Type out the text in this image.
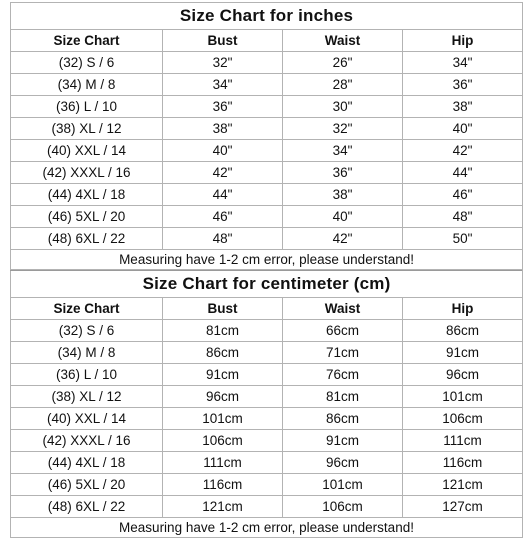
Size Chart for inches			
Size Chart	Bust	Waist	Hip
(32) S / 6	32"	26"	34"
(34) M / 8	34"	28"	36"
(36) L / 10	36"	30"	38"
(38) XL / 12	38"	32"	40"
(40) XXL / 14	40"	34"	42"
(42) XXXL / 16	42"	36"	44"
(44) 4XL / 18	44"	38"	46"
(46) 5XL / 20	46"	40"	48"
(48) 6XL / 22	48"	42"	50"
Measuring have 1-2 cm error, please understand!			
Size Chart for centimeter (cm)			
Size Chart	Bust	Waist	Hip
(32) S / 6	81cm	66cm	86cm
(34) M / 8	86cm	71cm	91cm
(36) L / 10	91cm	76cm	96cm
(38) XL / 12	96cm	81cm	101cm
(40) XXL / 14	101cm	86cm	106cm
(42) XXXL / 16	106cm	91cm	111cm
(44) 4XL / 18	111cm	96cm	116cm
(46) 5XL / 20	116cm	101cm	121cm
(48) 6XL / 22	121cm	106cm	127cm
Measuring have 1-2 cm error, please understand!			
